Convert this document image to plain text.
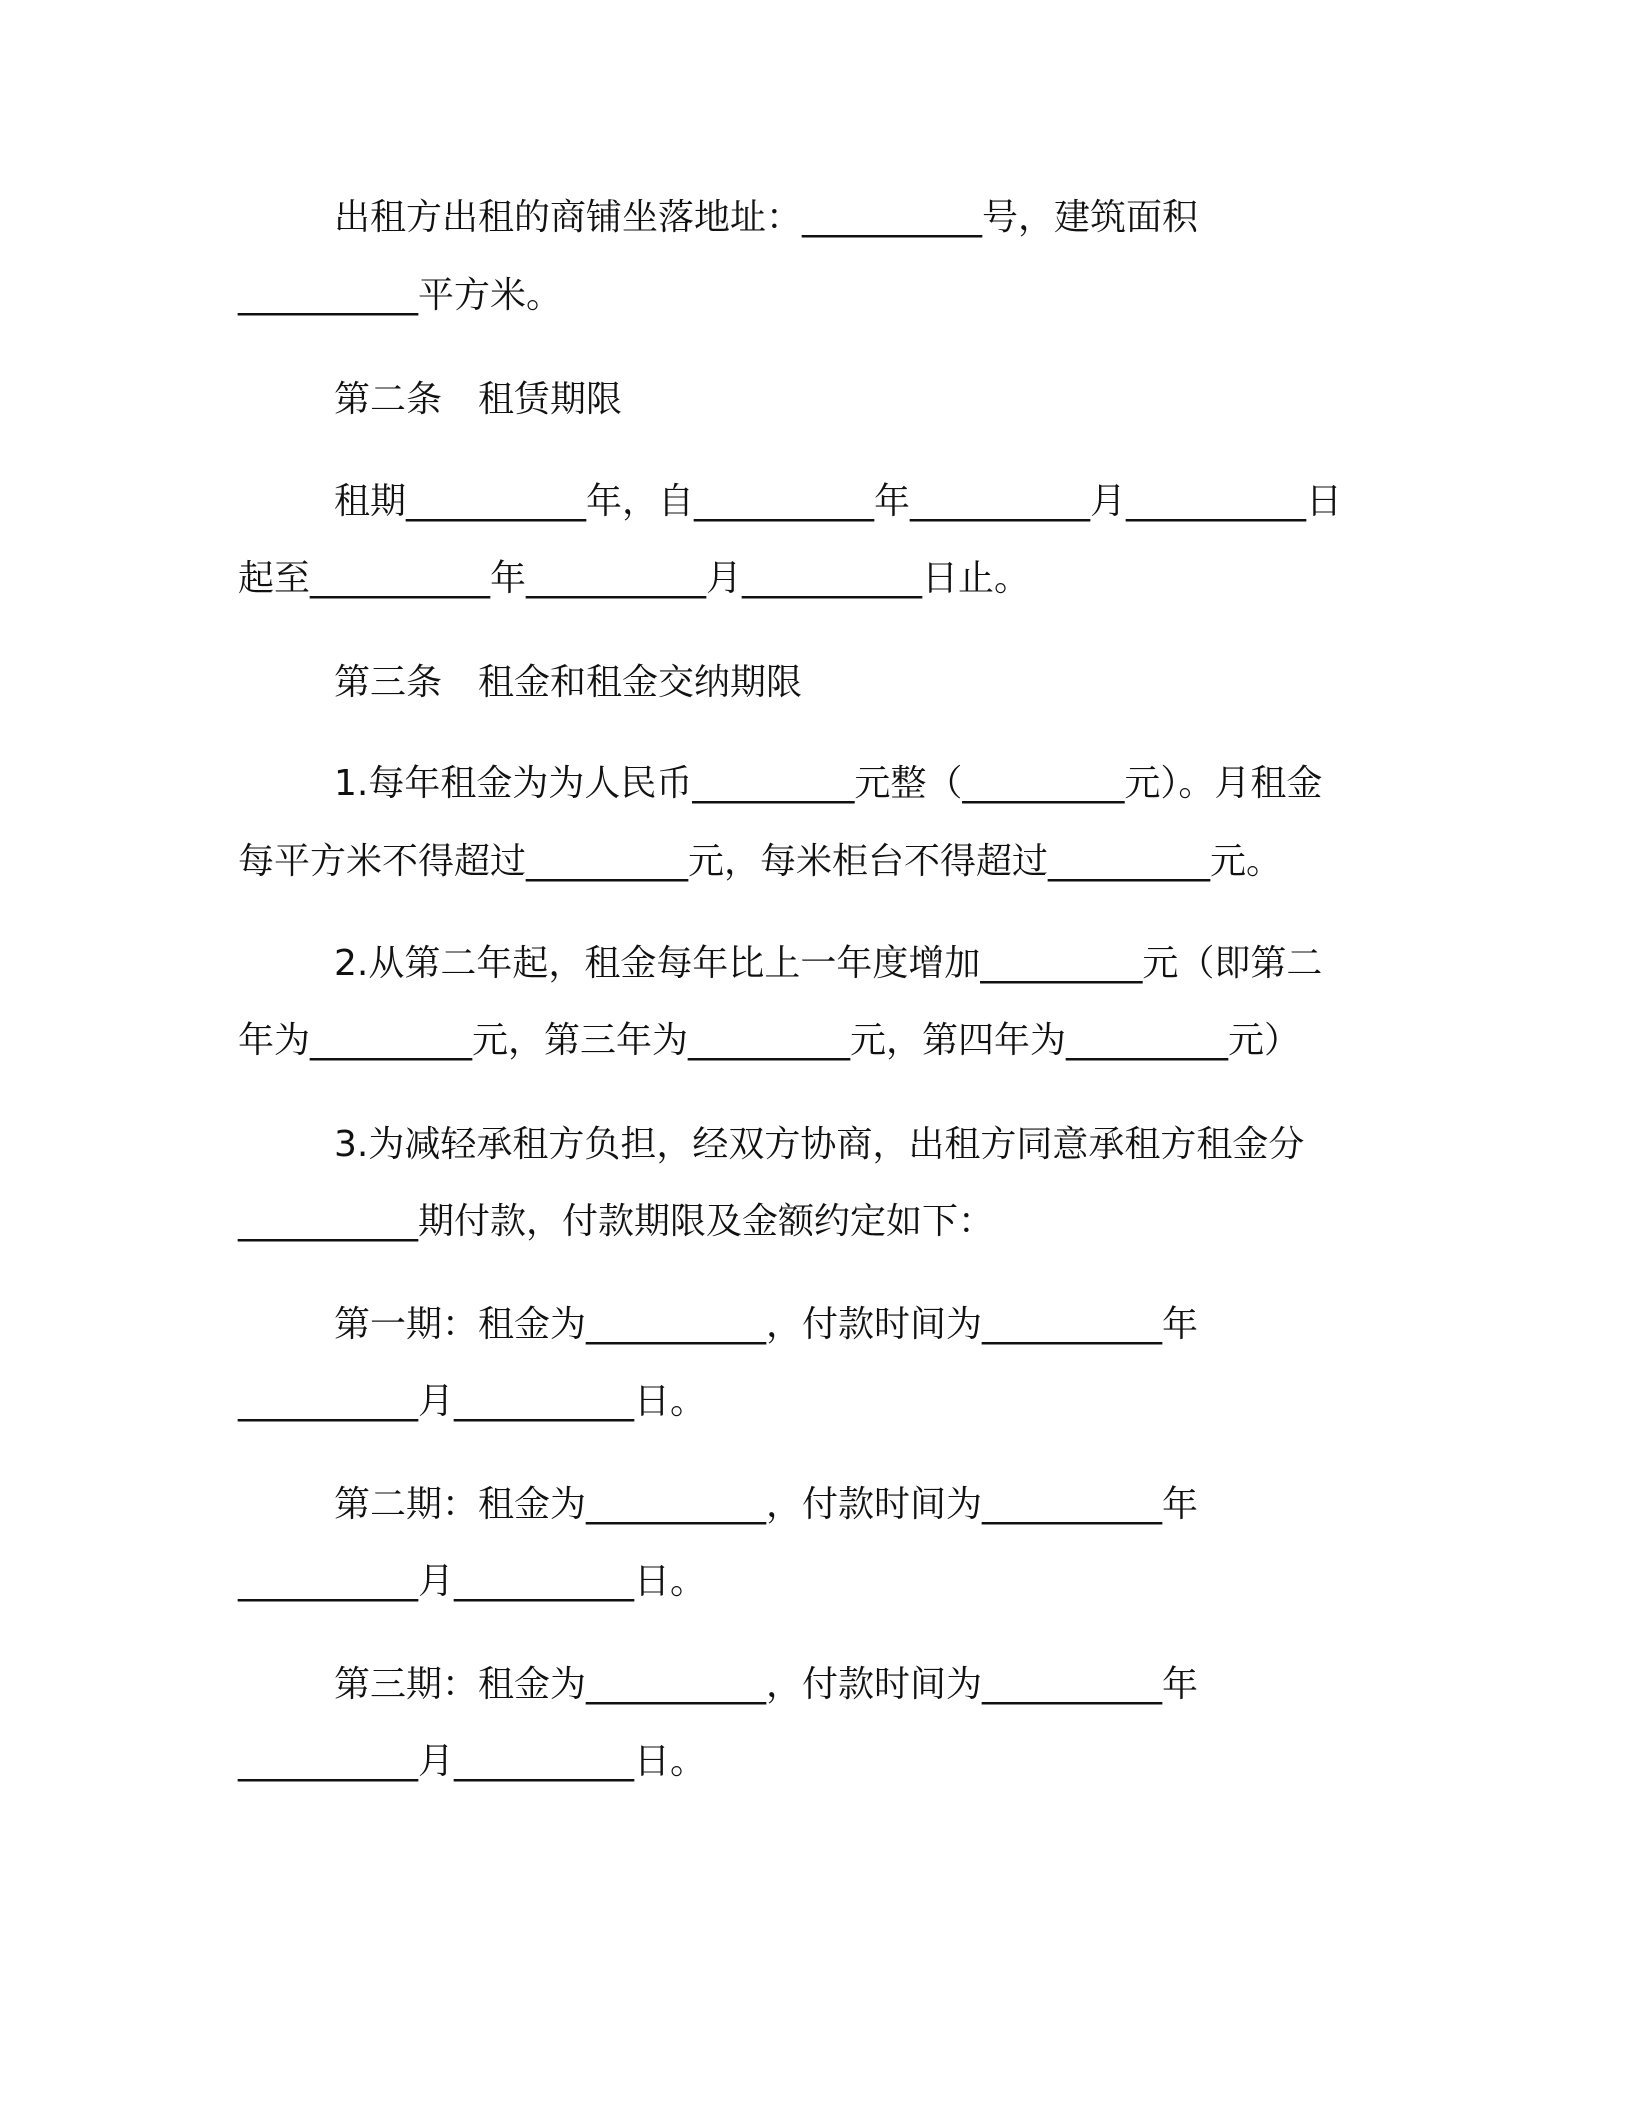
出租方出租的商铺坐落地址：__________号，建筑面积
__________平方米。
第二条　租赁期限
租期__________年，自__________年__________月__________日
起至__________年__________月__________日止。
第三条　租金和租金交纳期限
1.每年租金为为人民币_________元整（_________元）。月租金
每平方米不得超过_________元，每米柜台不得超过_________元。
2.从第二年起，租金每年比上一年度增加_________元（即第二
年为_________元，第三年为_________元，第四年为_________元）
3.为减轻承租方负担，经双方协商，出租方同意承租方租金分
__________期付款，付款期限及金额约定如下：
第一期：租金为__________，付款时间为__________年
__________月__________日。
第二期：租金为__________，付款时间为__________年
__________月__________日。
第三期：租金为__________，付款时间为__________年
__________月__________日。
